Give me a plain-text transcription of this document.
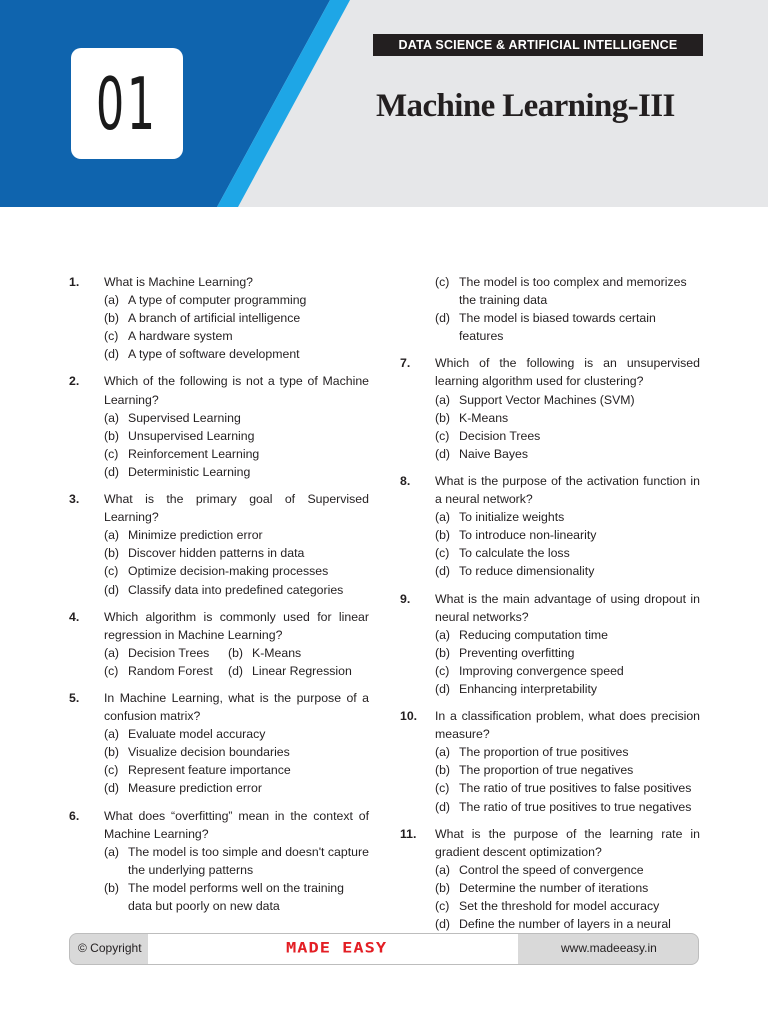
01
DATA SCIENCE & ARTIFICIAL INTELLIGENCE
Machine Learning-III
1. What is Machine Learning?
(a) A type of computer programming
(b) A branch of artificial intelligence
(c) A hardware system
(d) A type of software development
2. Which of the following is not a type of Machine Learning?
(a) Supervised Learning
(b) Unsupervised Learning
(c) Reinforcement Learning
(d) Deterministic Learning
3. What is the primary goal of Supervised Learning?
(a) Minimize prediction error
(b) Discover hidden patterns in data
(c) Optimize decision-making processes
(d) Classify data into predefined categories
4. Which algorithm is commonly used for linear regression in Machine Learning?
(a) Decision Trees	(b) K-Means
(c) Random Forest	(d) Linear Regression
5. In Machine Learning, what is the purpose of a confusion matrix?
(a) Evaluate model accuracy
(b) Visualize decision boundaries
(c) Represent feature importance
(d) Measure prediction error
6. What does “overfitting” mean in the context of Machine Learning?
(a) The model is too simple and doesn't capture the underlying patterns
(b) The model performs well on the training data but poorly on new data
(c) The model is too complex and memorizes the training data
(d) The model is biased towards certain features
7. Which of the following is an unsupervised learning algorithm used for clustering?
(a) Support Vector Machines (SVM)
(b) K-Means
(c) Decision Trees
(d) Naive Bayes
8. What is the purpose of the activation function in a neural network?
(a) To initialize weights
(b) To introduce non-linearity
(c) To calculate the loss
(d) To reduce dimensionality
9. What is the main advantage of using dropout in neural networks?
(a) Reducing computation time
(b) Preventing overfitting
(c) Improving convergence speed
(d) Enhancing interpretability
10. In a classification problem, what does precision measure?
(a) The proportion of true positives
(b) The proportion of true negatives
(c) The ratio of true positives to false positives
(d) The ratio of true positives to true negatives
11. What is the purpose of the learning rate in gradient descent optimization?
(a) Control the speed of convergence
(b) Determine the number of iterations
(c) Set the threshold for model accuracy
(d) Define the number of layers in a neural
© Copyright	MADE EASY	www.madeeasy.in
